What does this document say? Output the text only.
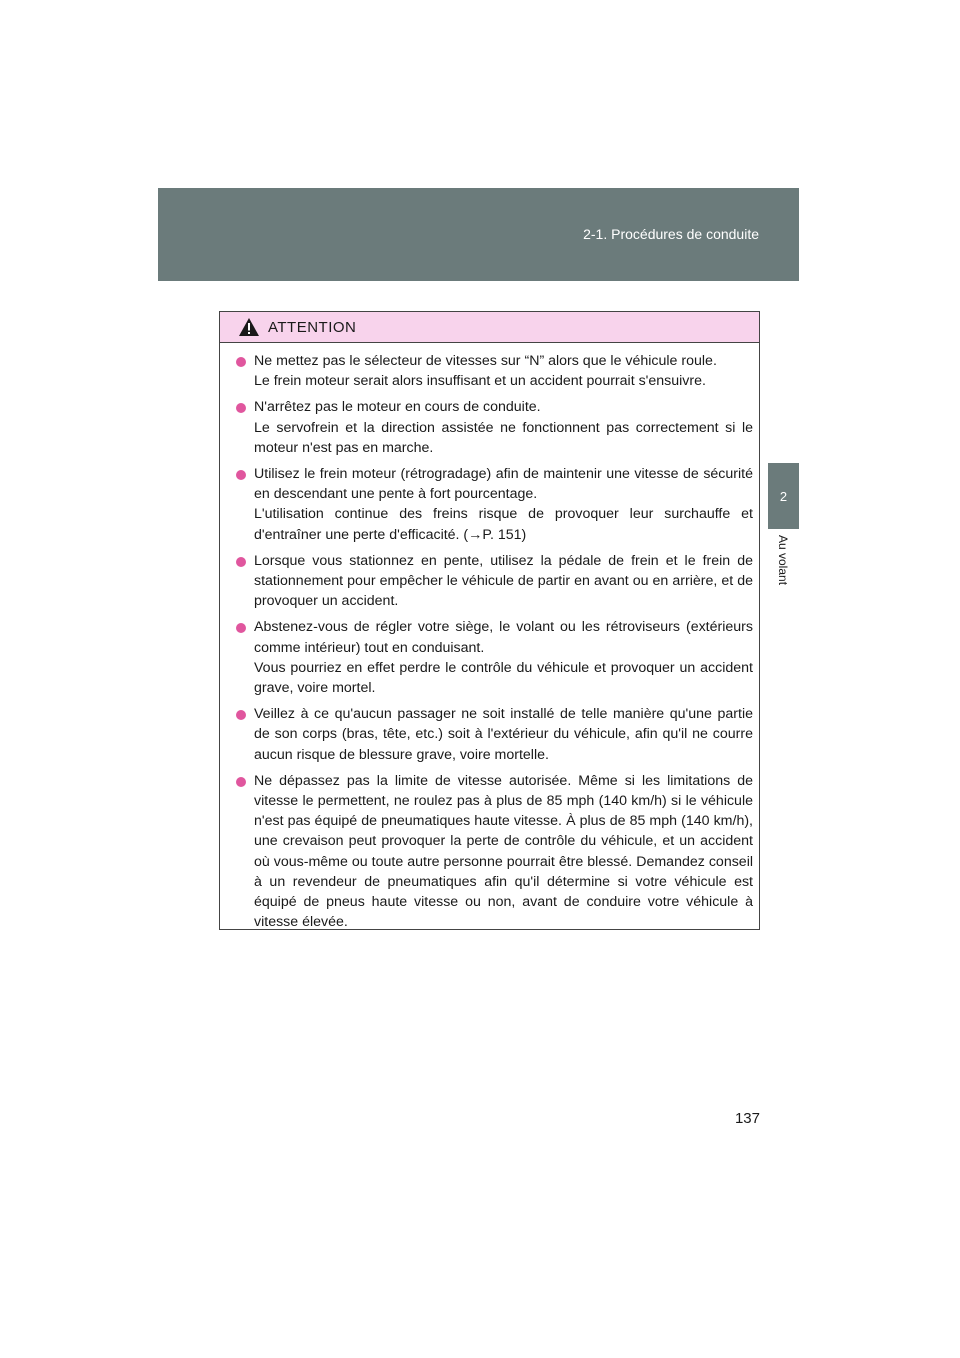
2-1. Procédures de conduite
2
Au volant
ATTENTION
Ne mettez pas le sélecteur de vitesses sur “N” alors que le véhicule roule.
Le frein moteur serait alors insuffisant et un accident pourrait s'ensuivre.
N'arrêtez pas le moteur en cours de conduite.
Le servofrein et la direction assistée ne fonctionnent pas correctement si le moteur n'est pas en marche.
Utilisez le frein moteur (rétrogradage) afin de maintenir une vitesse de sécurité en descendant une pente à fort pourcentage.
L'utilisation continue des freins risque de provoquer leur surchauffe et d'entraîner une perte d'efficacité. (→P. 151)
Lorsque vous stationnez en pente, utilisez la pédale de frein et le frein de stationnement pour empêcher le véhicule de partir en avant ou en arrière, et de provoquer un accident.
Abstenez-vous de régler votre siège, le volant ou les rétroviseurs (extérieurs comme intérieur) tout en conduisant.
Vous pourriez en effet perdre le contrôle du véhicule et provoquer un accident grave, voire mortel.
Veillez à ce qu'aucun passager ne soit installé de telle manière qu'une partie de son corps (bras, tête, etc.) soit à l'extérieur du véhicule, afin qu'il ne courre aucun risque de blessure grave, voire mortelle.
Ne dépassez pas la limite de vitesse autorisée. Même si les limitations de vitesse le permettent, ne roulez pas à plus de 85 mph (140 km/h) si le véhicule n'est pas équipé de pneumatiques haute vitesse. À plus de 85 mph (140 km/h), une crevaison peut provoquer la perte de contrôle du véhicule, et un accident où vous-même ou toute autre personne pourrait être blessé. Demandez conseil à un revendeur de pneumatiques afin qu'il détermine si votre véhicule est équipé de pneus haute vitesse ou non, avant de conduire votre véhicule à vitesse élevée.
137
